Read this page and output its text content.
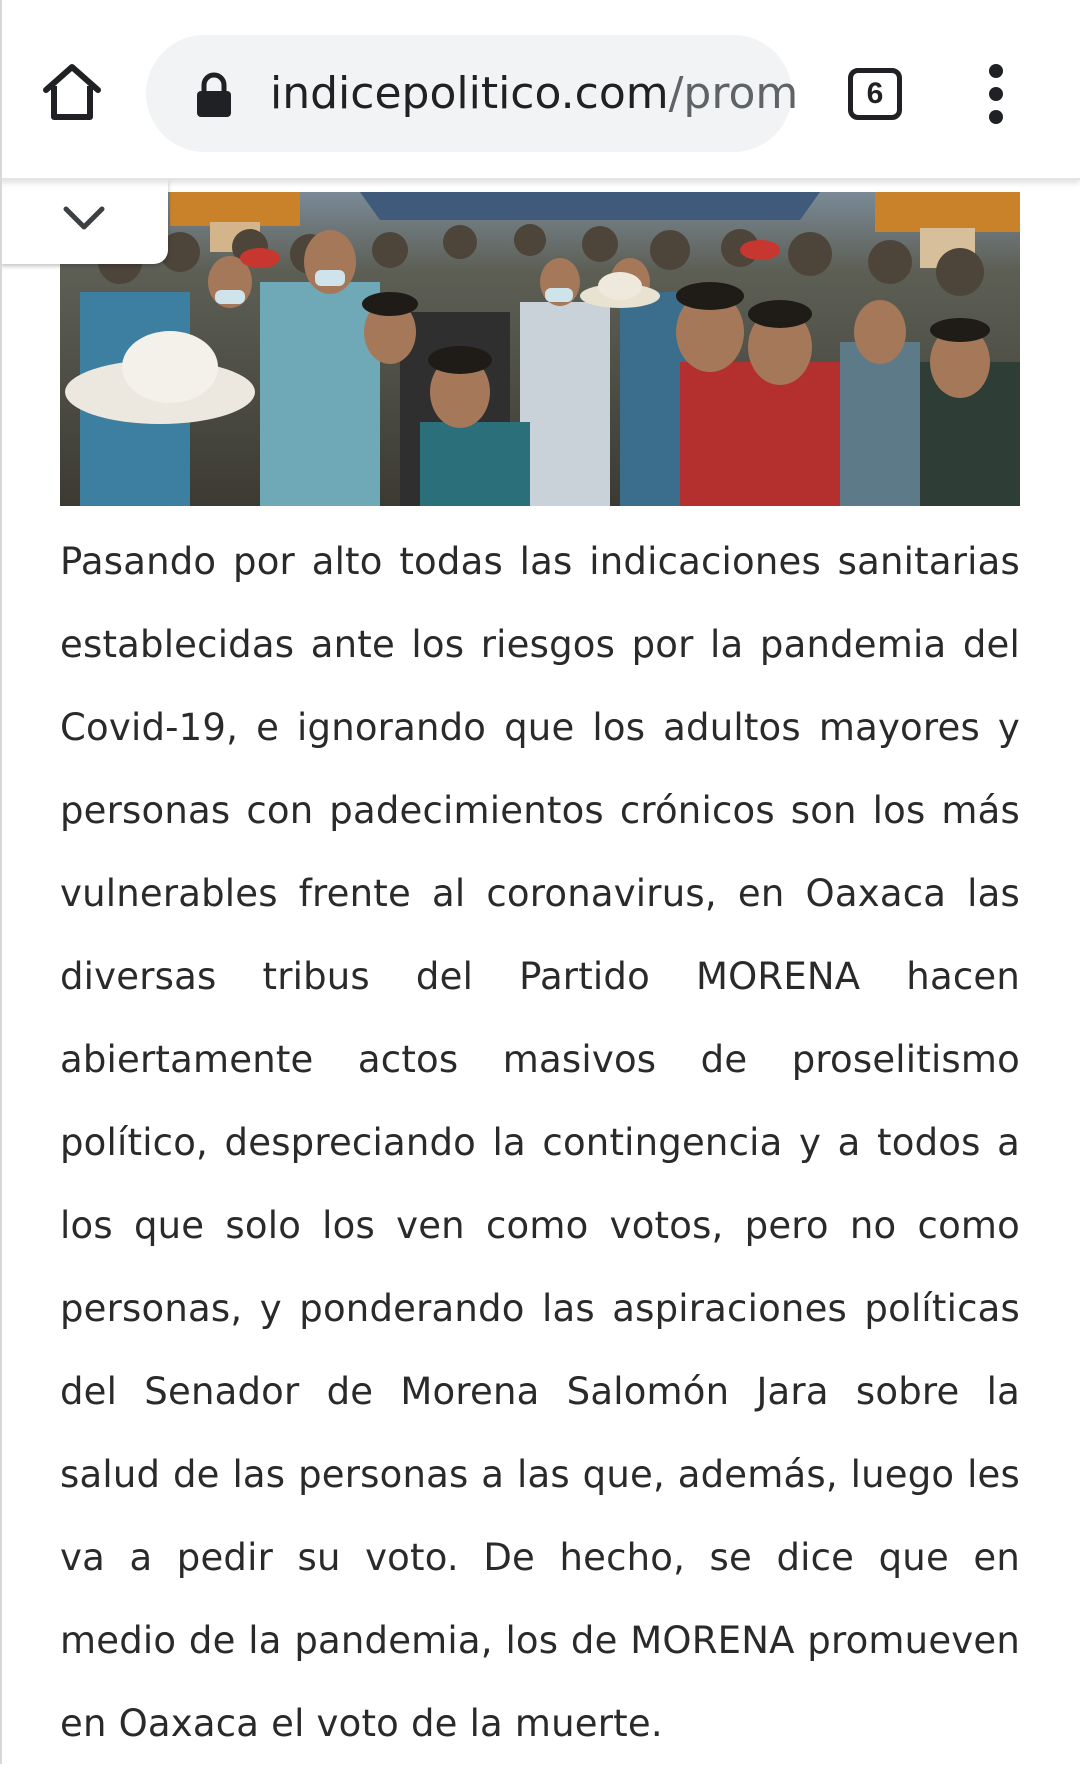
indicepolitico.com/prom	6
Pasando por alto todas las indicaciones sanitarias establecidas ante los riesgos por la pandemia del Covid-19, e ignorando que los adultos mayores y personas con padecimientos crónicos son los más vulnerables frente al coronavirus, en Oaxaca las diversas tribus del Partido MORENA hacen abiertamente actos masivos de proselitismo político, despreciando la contingencia y a todos a los que solo los ven como votos, pero no como personas, y ponderando las aspiraciones políticas del Senador de Morena Salomón Jara sobre la salud de las personas a las que, además, luego les va a pedir su voto. De hecho, se dice que en medio de la pandemia, los de MORENA promueven en Oaxaca el voto de la muerte.
